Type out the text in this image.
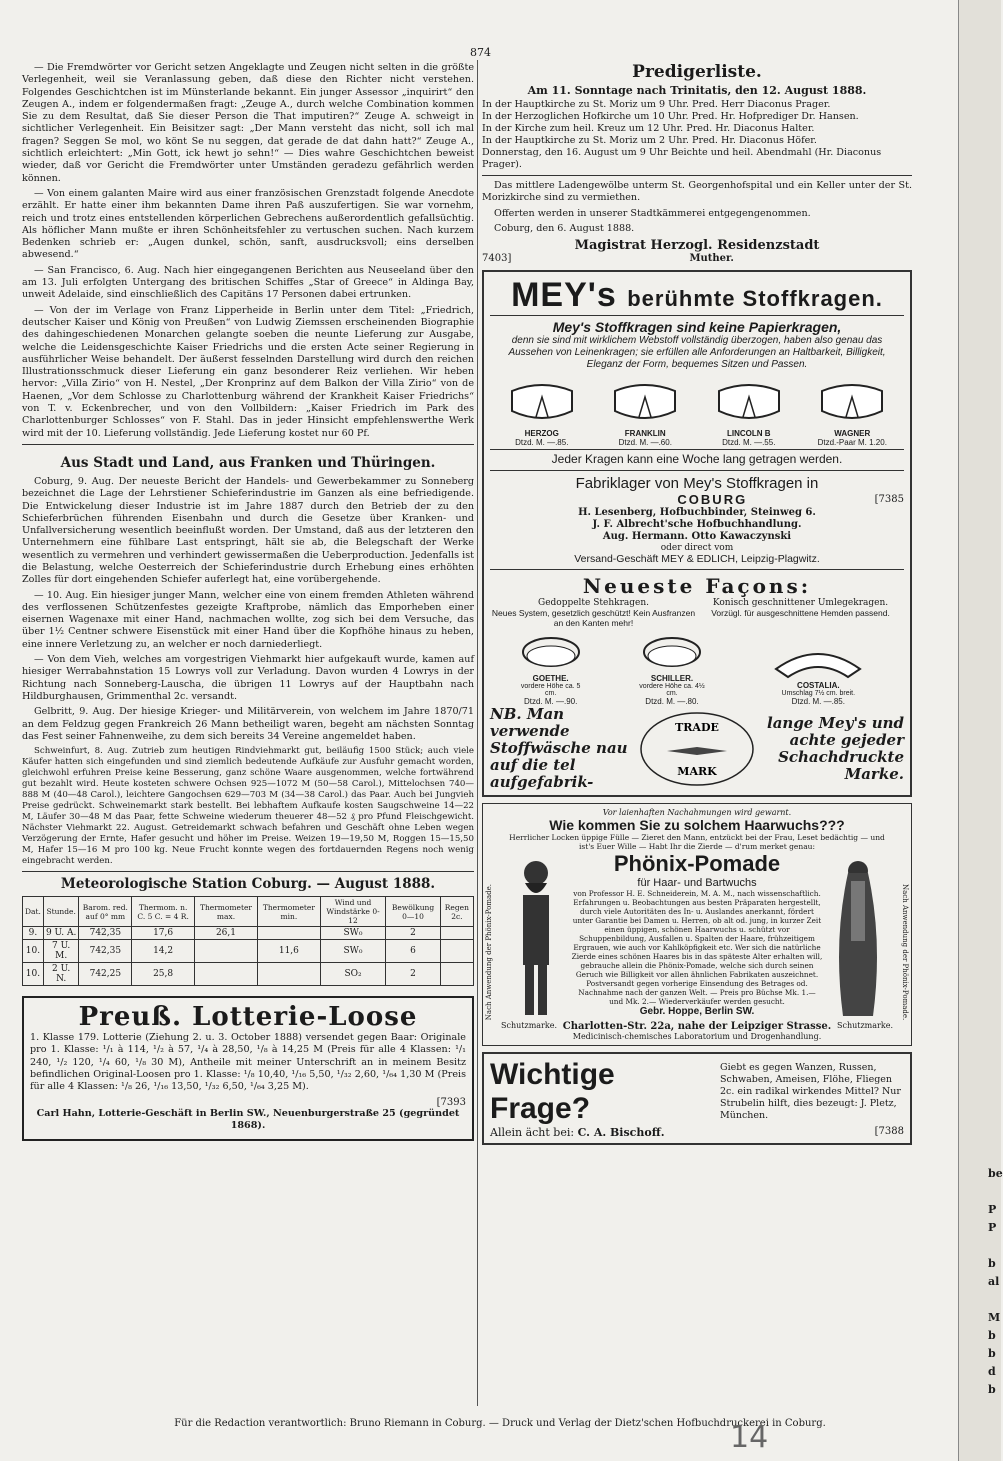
874

— Die Fremdwörter vor Gericht setzen Angeklagte und Zeugen nicht selten in die größte Verlegenheit, weil sie Veranlassung geben, daß diese den Richter nicht verstehen. Folgendes Geschichtchen ist im Münsterlande bekannt. Ein junger Assessor „inquirirt“ den Zeugen A., indem er folgendermaßen fragt: „Zeuge A., durch welche Combination kommen Sie zu dem Resultat, daß Sie dieser Person die That imputiren?“ Zeuge A. schweigt in sichtlicher Verlegenheit. Ein Beisitzer sagt: „Der Mann versteht das nicht, soll ich mal fragen? Seggen Se mol, wo könt Se nu seggen, dat gerade de dat dahn hatt?“ Zeuge A., sichtlich erleichtert: „Min Gott, ick hewt jo sehn!“ — Dies wahre Geschichtchen beweist wieder, daß vor Gericht die Fremdwörter unter Umständen geradezu gefährlich werden können.

— Von einem galanten Maire wird aus einer französischen Grenzstadt folgende Anecdote erzählt. Er hatte einer ihm bekannten Dame ihren Paß auszufertigen. Sie war vornehm, reich und trotz eines entstellenden körperlichen Gebrechens außerordentlich gefallsüchtig. Als höflicher Mann mußte er ihren Schönheitsfehler zu vertuschen suchen. Nach kurzem Bedenken schrieb er: „Augen dunkel, schön, sanft, ausdrucksvoll; eins derselben abwesend.“

— San Francisco, 6. Aug. Nach hier eingegangenen Berichten aus Neuseeland über den am 13. Juli erfolgten Untergang des britischen Schiffes „Star of Greece“ in Aldinga Bay, unweit Adelaide, sind einschließlich des Capitäns 17 Personen dabei ertrunken.

— Von der im Verlage von Franz Lipperheide in Berlin unter dem Titel: „Friedrich, deutscher Kaiser und König von Preußen“ von Ludwig Ziemssen erscheinenden Biographie des dahingeschiedenen Monarchen gelangte soeben die neunte Lieferung zur Ausgabe, welche die Leidensgeschichte Kaiser Friedrichs und die ersten Acte seiner Regierung in ausführlicher Weise behandelt. Der äußerst fesselnden Darstellung wird durch den reichen Illustrationsschmuck dieser Lieferung ein ganz besonderer Reiz verliehen. Wir heben hervor: „Villa Zirio“ von H. Nestel, „Der Kronprinz auf dem Balkon der Villa Zirio“ von de Haenen, „Vor dem Schlosse zu Charlottenburg während der Krankheit Kaiser Friedrichs“ von T. v. Eckenbrecher, und von den Vollbildern: „Kaiser Friedrich im Park des Charlottenburger Schlosses“ von F. Stahl. Das in jeder Hinsicht empfehlenswerthe Werk wird mit der 10. Lieferung vollständig. Jede Lieferung kostet nur 60 Pf.

Aus Stadt und Land, aus Franken und Thüringen.

Coburg, 9. Aug. Der neueste Bericht der Handels- und Gewerbekammer zu Sonneberg bezeichnet die Lage der Lehrstiener Schieferindustrie im Ganzen als eine befriedigende. Die Entwickelung dieser Industrie ist im Jahre 1887 durch den Betrieb der zu den Schieferbrüchen führenden Eisenbahn und durch die Gesetze über Kranken- und Unfallversicherung wesentlich beeinflußt worden. Der Umstand, daß aus der letzteren den Unternehmern eine fühlbare Last entspringt, hält sie ab, die Belegschaft der Werke wesentlich zu vermehren und verhindert gewissermaßen die Ueberproduction. Jedenfalls ist die Belastung, welche Oesterreich der Schieferindustrie durch Erhebung eines erhöhten Zolles für dort eingehenden Schiefer auferlegt hat, eine vorübergehende.

— 10. Aug. Ein hiesiger junger Mann, welcher eine von einem fremden Athleten während des verflossenen Schützenfestes gezeigte Kraftprobe, nämlich das Emporheben einer eisernen Wagenaxe mit einer Hand, nachmachen wollte, zog sich bei dem Versuche, das über 1½ Centner schwere Eisenstück mit einer Hand über die Kopfhöhe hinaus zu heben, eine innere Verletzung zu, an welcher er noch darniederliegt.

— Von dem Vieh, welches am vorgestrigen Viehmarkt hier aufgekauft wurde, kamen auf hiesiger Werrabahnstation 15 Lowrys voll zur Verladung. Davon wurden 4 Lowrys in der Richtung nach Sonneberg-Lauscha, die übrigen 11 Lowrys auf der Hauptbahn nach Hildburghausen, Grimmenthal 2c. versandt.

Gelbritt, 9. Aug. Der hiesige Krieger- und Militärverein, von welchem im Jahre 1870/71 an dem Feldzug gegen Frankreich 26 Mann betheiligt waren, begeht am nächsten Sonntag das Fest seiner Fahnenweihe, zu dem sich bereits 34 Vereine angemeldet haben.

Schweinfurt, 8. Aug. Zutrieb zum heutigen Rindviehmarkt gut, beiläufig 1500 Stück; auch viele Käufer hatten sich eingefunden und sind ziemlich bedeutende Aufkäufe zur Ausfuhr gemacht worden, gleichwohl erfuhren Preise keine Besserung, ganz schöne Waare ausgenommen, welche fortwährend gut bezahlt wird. Heute kosteten schwere Ochsen 925—1072 M (50—58 Carol.), Mittelochsen 740—888 M (40—48 Carol.), leichtere Gangochsen 629—703 M (34—38 Carol.) das Paar. Auch bei Jungvieh Preise gedrückt. Schweinemarkt stark bestellt. Bei lebhaftem Aufkaufe kosten Saugschweine 14—22 M, Läufer 30—48 M das Paar, fette Schweine wiederum theuerer 48—52 ₰ pro Pfund Fleischgewicht. Nächster Viehmarkt 22. August. Getreidemarkt schwach befahren und Geschäft ohne Leben wegen Verzögerung der Ernte, Hafer gesucht und höher im Preise. Weizen 19—19,50 M, Roggen 15—15,50 M, Hafer 15—16 M pro 100 kg. Neue Frucht konnte wegen des fortdauernden Regens noch wenig eingebracht werden.

Meteorologische Station Coburg. — August 1888.
Dat.	Stunde.	Barom. red. auf 0° mm	Thermom. n. C. 5 C. = 4 R.	Thermometer max.	Thermometer min.	Wind und Windstärke 0-12	Bewölkung 0—10	Regen 2c.
9.	9 U. A.	742,35	17,6	26,1		SW₀	2	
10.	7 U. M.	742,35	14,2		11,6	SW₀	6	
10.	2 U. N.	742,25	25,8			SO₂	2	
Preuß. Lotterie-Loose

1. Klasse 179. Lotterie (Ziehung 2. u. 3. October 1888) versendet gegen Baar: Originale pro 1. Klasse: ¹/₁ à 114, ¹/₂ à 57, ¹/₄ à 28,50, ¹/₈ à 14,25 M (Preis für alle 4 Klassen: ¹/₁ 240, ¹/₂ 120, ¹/₄ 60, ¹/₈ 30 M), Antheile mit meiner Unterschrift an in meinem Besitz befindlichen Original-Loosen pro 1. Klasse: ¹/₈ 10,40, ¹/₁₆ 5,50, ¹/₃₂ 2,60, ¹/₆₄ 1,30 M (Preis für alle 4 Klassen: ¹/₈ 26, ¹/₁₆ 13,50, ¹/₃₂ 6,50, ¹/₆₄ 3,25 M).

[7393

Carl Hahn, Lotterie-Geschäft in Berlin SW., Neuenburgerstraße 25 (gegründet 1868).

Predigerliste.
Am 11. Sonntage nach Trinitatis, den 12. August 1888.
In der Hauptkirche zu St. Moriz um 9 Uhr. Pred. Herr Diaconus Prager.
In der Herzoglichen Hofkirche um 10 Uhr. Pred. Hr. Hofprediger Dr. Hansen.
In der Kirche zum heil. Kreuz um 12 Uhr. Pred. Hr. Diaconus Halter.
In der Hauptkirche zu St. Moriz um 2 Uhr. Pred. Hr. Diaconus Höfer.
Donnerstag, den 16. August um 9 Uhr Beichte und heil. Abendmahl (Hr. Diaconus Prager).

Das mittlere Ladengewölbe unterm St. Georgenhofspital und ein Keller unter der St. Morizkirche sind zu vermiethen.

Offerten werden in unserer Stadtkämmerei entgegengenommen.

Coburg, den 6. August 1888.

Magistrat Herzogl. Residenzstadt
7403]	Muther.
MEY's berühmte Stoffkragen.
Mey's Stoffkragen sind keine Papierkragen,
denn sie sind mit wirklichem Webstoff vollständig überzogen, haben also genau das Aussehen von Leinenkragen; sie erfüllen alle Anforderungen an Haltbarkeit, Billigkeit, Eleganz der Form, bequemes Sitzen und Passen.
HERZOG
Dtzd. M. —.85.
FRANKLIN
Dtzd. M. —.60.
LINCOLN B
Dtzd. M. —.55.
WAGNER
Dtzd.-Paar M. 1.20.
Jeder Kragen kann eine Woche lang getragen werden.
Fabriklager von Mey's Stoffkragen in
COBURG	[7385
H. Lesenberg, Hofbuchbinder, Steinweg 6.
J. F. Albrecht'sche Hofbuchhandlung.
Aug. Hermann. Otto Kawaczynski
oder direct vom
Versand-Geschäft MEY & EDLICH, Leipzig-Plagwitz.
Neueste Façons:
Gedoppelte Stehkragen.
Neues System, gesetzlich geschützt! Kein Ausfranzen an den Kanten mehr!
Konisch geschnittener Umlegekragen.
Vorzügl. für ausgeschnittene Hemden passend.
GOETHE.
vordere Höhe ca. 5 cm.
Dtzd. M. —.90.
SCHILLER.
vordere Höhe ca. 4½ cm.
Dtzd. M. —.80.
COSTALIA.
Umschlag 7½ cm. breit.
Dtzd. M. —.85.
NB. Man verwende Stoffwäsche nau auf die tel aufgefabrik-
TRADE
MARK
lange Mey's und achte gejeder Schachdruckte Marke.
Vor laienhaften Nachahmungen wird gewarnt.
Wie kommen Sie zu solchem Haarwuchs???
Herrlicher Locken üppige Fülle — Zieret den Mann, entzückt bei der Frau, Leset bedächtig — und ist's Euer Wille — Habt Ihr die Zierde — d'rum merket genau:
Phönix-Pomade
für Haar- und Bartwuchs
von Professor H. E. Schneiderein, M. A. M., nach wissenschaftlich. Erfahrungen u. Beobachtungen aus besten Präparaten hergestellt, durch viele Autoritäten des In- u. Auslandes anerkannt, fördert unter Garantie bei Damen u. Herren, ob alt od. jung, in kurzer Zeit einen üppigen, schönen Haarwuchs u. schützt vor Schuppenbildung, Ausfallen u. Spalten der Haare, frühzeitigem Ergrauen, wie auch vor Kahlköpfigkeit etc. Wer sich die natürliche Zierde eines schönen Haares bis in das späteste Alter erhalten will, gebrauche allein die Phönix-Pomade, welche sich durch seinen Geruch wie Billigkeit vor allen ähnlichen Fabrikaten auszeichnet. Postversandt gegen vorherige Einsendung des Betrages od. Nachnahme nach der ganzen Welt. — Preis pro Büchse Mk. 1.— und Mk. 2.— Wiederverkäufer werden gesucht.
Gebr. Hoppe, Berlin SW.
Schutzmarke. Charlotten-Str. 22a, nahe der Leipziger Strasse. Schutzmarke.
Medicinisch-chemisches Laboratorium und Drogenhandlung.
Nach Anwendung der Phönix-Pomade.	Nach Anwendung der Phönix-Pomade.
Wichtige Frage?
Giebt es gegen Wanzen, Russen, Schwaben, Ameisen, Flöhe, Fliegen 2c. ein radikal wirkendes Mittel? Nur Strubelin hilft, dies bezeugt: J. Pletz, München.
Allein ächt bei: C. A. Bischoff.	[7388
Für die Redaction verantwortlich: Bruno Riemann in Coburg. — Druck und Verlag der Dietz'schen Hofbuchdruckerei in Coburg.
14
be

P
P

b
al

M
b
b
d
b
